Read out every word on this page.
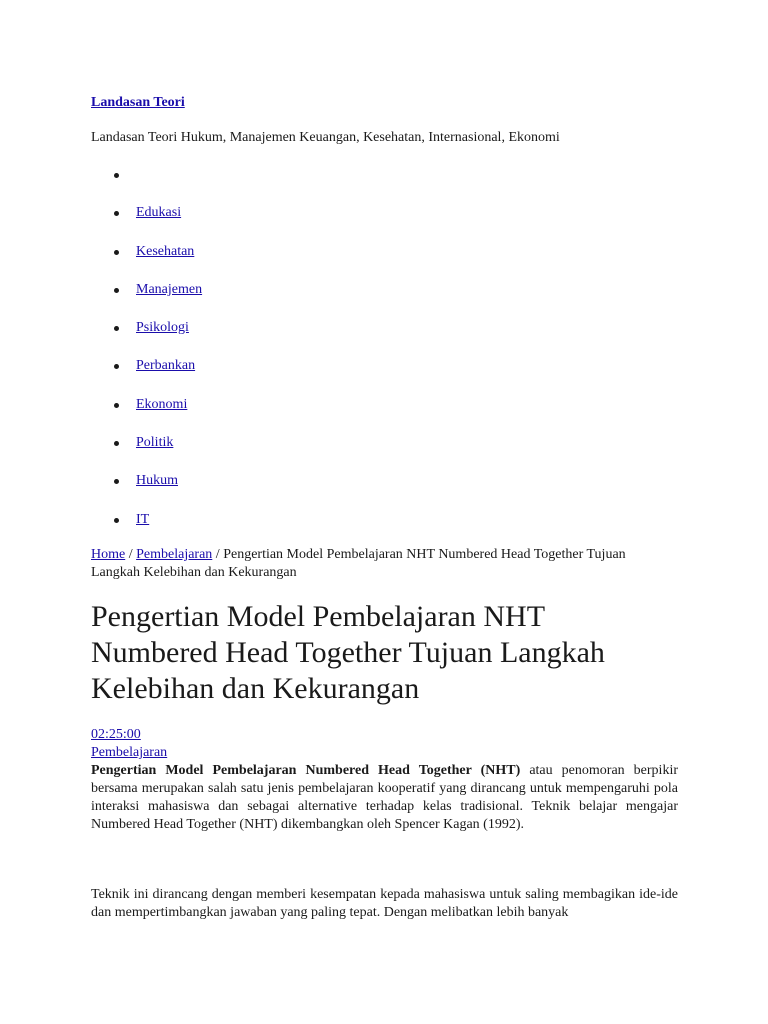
Landasan Teori
Landasan Teori Hukum, Manajemen Keuangan, Kesehatan, Internasional, Ekonomi
Edukasi
Kesehatan
Manajemen
Psikologi
Perbankan
Ekonomi
Politik
Hukum
IT
Home / Pembelajaran / Pengertian Model Pembelajaran NHT Numbered Head Together Tujuan Langkah Kelebihan dan Kekurangan
Pengertian Model Pembelajaran NHT Numbered Head Together Tujuan Langkah Kelebihan dan Kekurangan
02:25:00
Pembelajaran

Pengertian Model Pembelajaran Numbered Head Together (NHT) atau penomoran berpikir bersama merupakan salah satu jenis pembelajaran kooperatif yang dirancang untuk mempengaruhi pola interaksi mahasiswa dan sebagai alternative terhadap kelas tradisional. Teknik belajar mengajar Numbered Head Together (NHT) dikembangkan oleh Spencer Kagan (1992).

Teknik ini dirancang dengan memberi kesempatan kepada mahasiswa untuk saling membagikan ide-ide dan mempertimbangkan jawaban yang paling tepat. Dengan melibatkan lebih banyak
